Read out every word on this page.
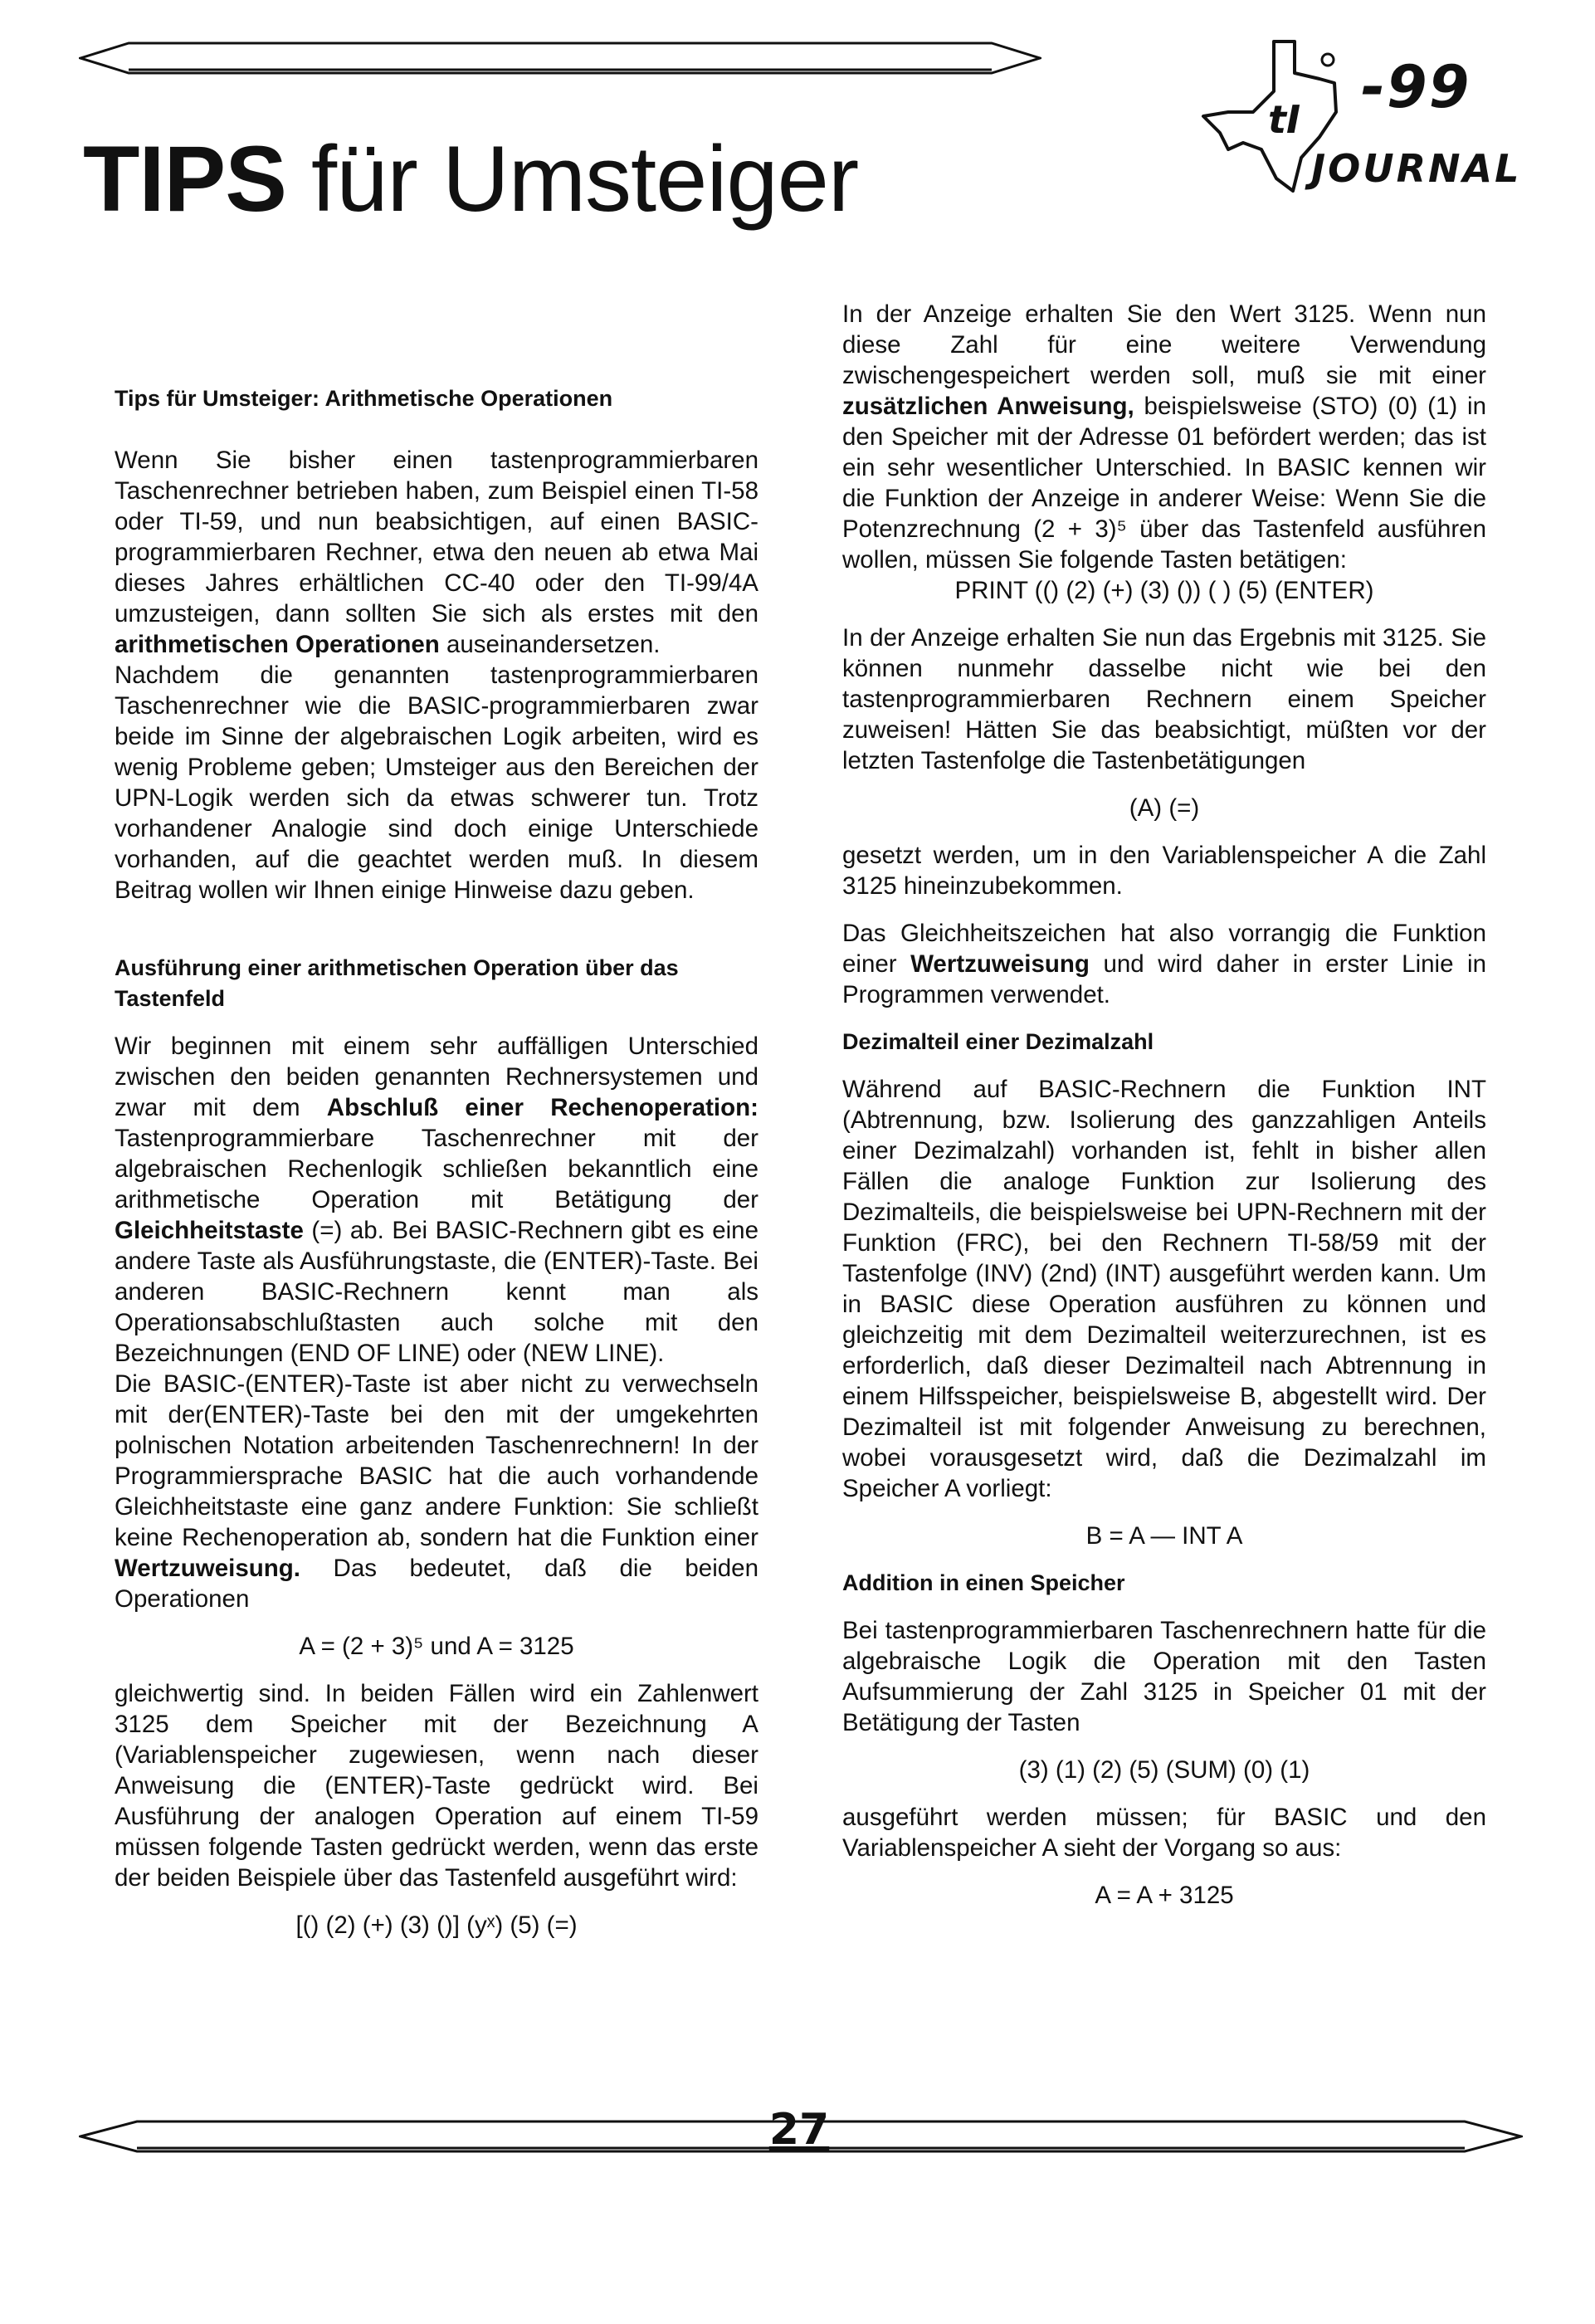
TIPS für Umsteiger
tI -99
JOURNAL

Tips für Umsteiger: Arithmetische Operationen

Wenn Sie bisher einen tastenprogrammierbaren Taschenrechner betrieben haben, zum Beispiel einen TI-58 oder TI-59, und nun beabsichtigen, auf einen BASIC-programmierbaren Rechner, etwa den neuen ab etwa Mai dieses Jahres erhältlichen CC-40 oder den TI-99/4A umzusteigen, dann sollten Sie sich als erstes mit den arithmetischen Operationen auseinandersetzen.

Nachdem die genannten tastenprogrammierbaren Taschenrechner wie die BASIC-programmierbaren zwar beide im Sinne der algebraischen Logik arbeiten, wird es wenig Probleme geben; Umsteiger aus den Bereichen der UPN-Logik werden sich da etwas schwerer tun. Trotz vorhandener Analogie sind doch einige Unterschiede vorhanden, auf die geachtet werden muß. In diesem Beitrag wollen wir Ihnen einige Hinweise dazu geben.

Ausführung einer arithmetischen Operation über das Tastenfeld

Wir beginnen mit einem sehr auffälligen Unterschied zwischen den beiden genannten Rechnersystemen und zwar mit dem Abschluß einer Rechenoperation: Tastenprogrammierbare Taschenrechner mit der algebraischen Rechenlogik schließen bekanntlich eine arithmetische Operation mit Betätigung der Gleichheitstaste (=) ab. Bei BASIC-Rechnern gibt es eine andere Taste als Ausführungstaste, die (ENTER)-Taste. Bei anderen BASIC-Rechnern kennt man als Operationsabschlußtasten auch solche mit den Bezeichnungen (END OF LINE) oder (NEW LINE).

Die BASIC-(ENTER)-Taste ist aber nicht zu verwechseln mit der(ENTER)-Taste bei den mit der umgekehrten polnischen Notation arbeitenden Taschenrechnern! In der Programmiersprache BASIC hat die auch vorhandende Gleichheitstaste eine ganz andere Funktion: Sie schließt keine Rechenoperation ab, sondern hat die Funktion einer Wertzuweisung. Das bedeutet, daß die beiden Operationen

A = (2 + 3)⁵ und A = 3125

gleichwertig sind. In beiden Fällen wird ein Zahlenwert 3125 dem Speicher mit der Bezeichnung A (Variablenspeicher zugewiesen, wenn nach dieser Anweisung die (ENTER)-Taste gedrückt wird. Bei Ausführung der analogen Operation auf einem TI-59 müssen folgende Tasten gedrückt werden, wenn das erste der beiden Beispiele über das Tastenfeld ausgeführt wird:

[() (2) (+) (3) ()] (yˣ) (5) (=)

In der Anzeige erhalten Sie den Wert 3125. Wenn nun diese Zahl für eine weitere Verwendung zwischengespeichert werden soll, muß sie mit einer zusätzlichen Anweisung, beispielsweise (STO) (0) (1) in den Speicher mit der Adresse 01 befördert werden; das ist ein sehr wesentlicher Unterschied. In BASIC kennen wir die Funktion der Anzeige in anderer Weise: Wenn Sie die Potenzrechnung (2 + 3)⁵ über das Tastenfeld ausführen wollen, müssen Sie folgende Tasten betätigen:

PRINT (() (2) (+) (3) ()) ( ) (5) (ENTER)

In der Anzeige erhalten Sie nun das Ergebnis mit 3125. Sie können nunmehr dasselbe nicht wie bei den tastenprogrammierbaren Rechnern einem Speicher zuweisen! Hätten Sie das beabsichtigt, müßten vor der letzten Tastenfolge die Tastenbetätigungen

(A) (=)

gesetzt werden, um in den Variablenspeicher A die Zahl 3125 hineinzubekommen.

Das Gleichheitszeichen hat also vorrangig die Funktion einer Wertzuweisung und wird daher in erster Linie in Programmen verwendet.

Dezimalteil einer Dezimalzahl

Während auf BASIC-Rechnern die Funktion INT (Abtrennung, bzw. Isolierung des ganzzahligen Anteils einer Dezimalzahl) vorhanden ist, fehlt in bisher allen Fällen die analoge Funktion zur Isolierung des Dezimalteils, die beispielsweise bei UPN-Rechnern mit der Funktion (FRC), bei den Rechnern TI-58/59 mit der Tastenfolge (INV) (2nd) (INT) ausgeführt werden kann. Um in BASIC diese Operation ausführen zu können und gleichzeitig mit dem Dezimalteil weiterzurechnen, ist es erforderlich, daß dieser Dezimalteil nach Abtrennung in einem Hilfsspeicher, beispielsweise B, abgestellt wird. Der Dezimalteil ist mit folgender Anweisung zu berechnen, wobei vorausgesetzt wird, daß die Dezimalzahl im Speicher A vorliegt:

B = A — INT A

Addition in einen Speicher

Bei tastenprogrammierbaren Taschenrechnern hatte für die algebraische Logik die Operation mit den Tasten Aufsummierung der Zahl 3125 in Speicher 01 mit der Betätigung der Tasten

(3) (1) (2) (5) (SUM) (0) (1)

ausgeführt werden müssen; für BASIC und den Variablenspeicher A sieht der Vorgang so aus:

A = A + 3125

27
